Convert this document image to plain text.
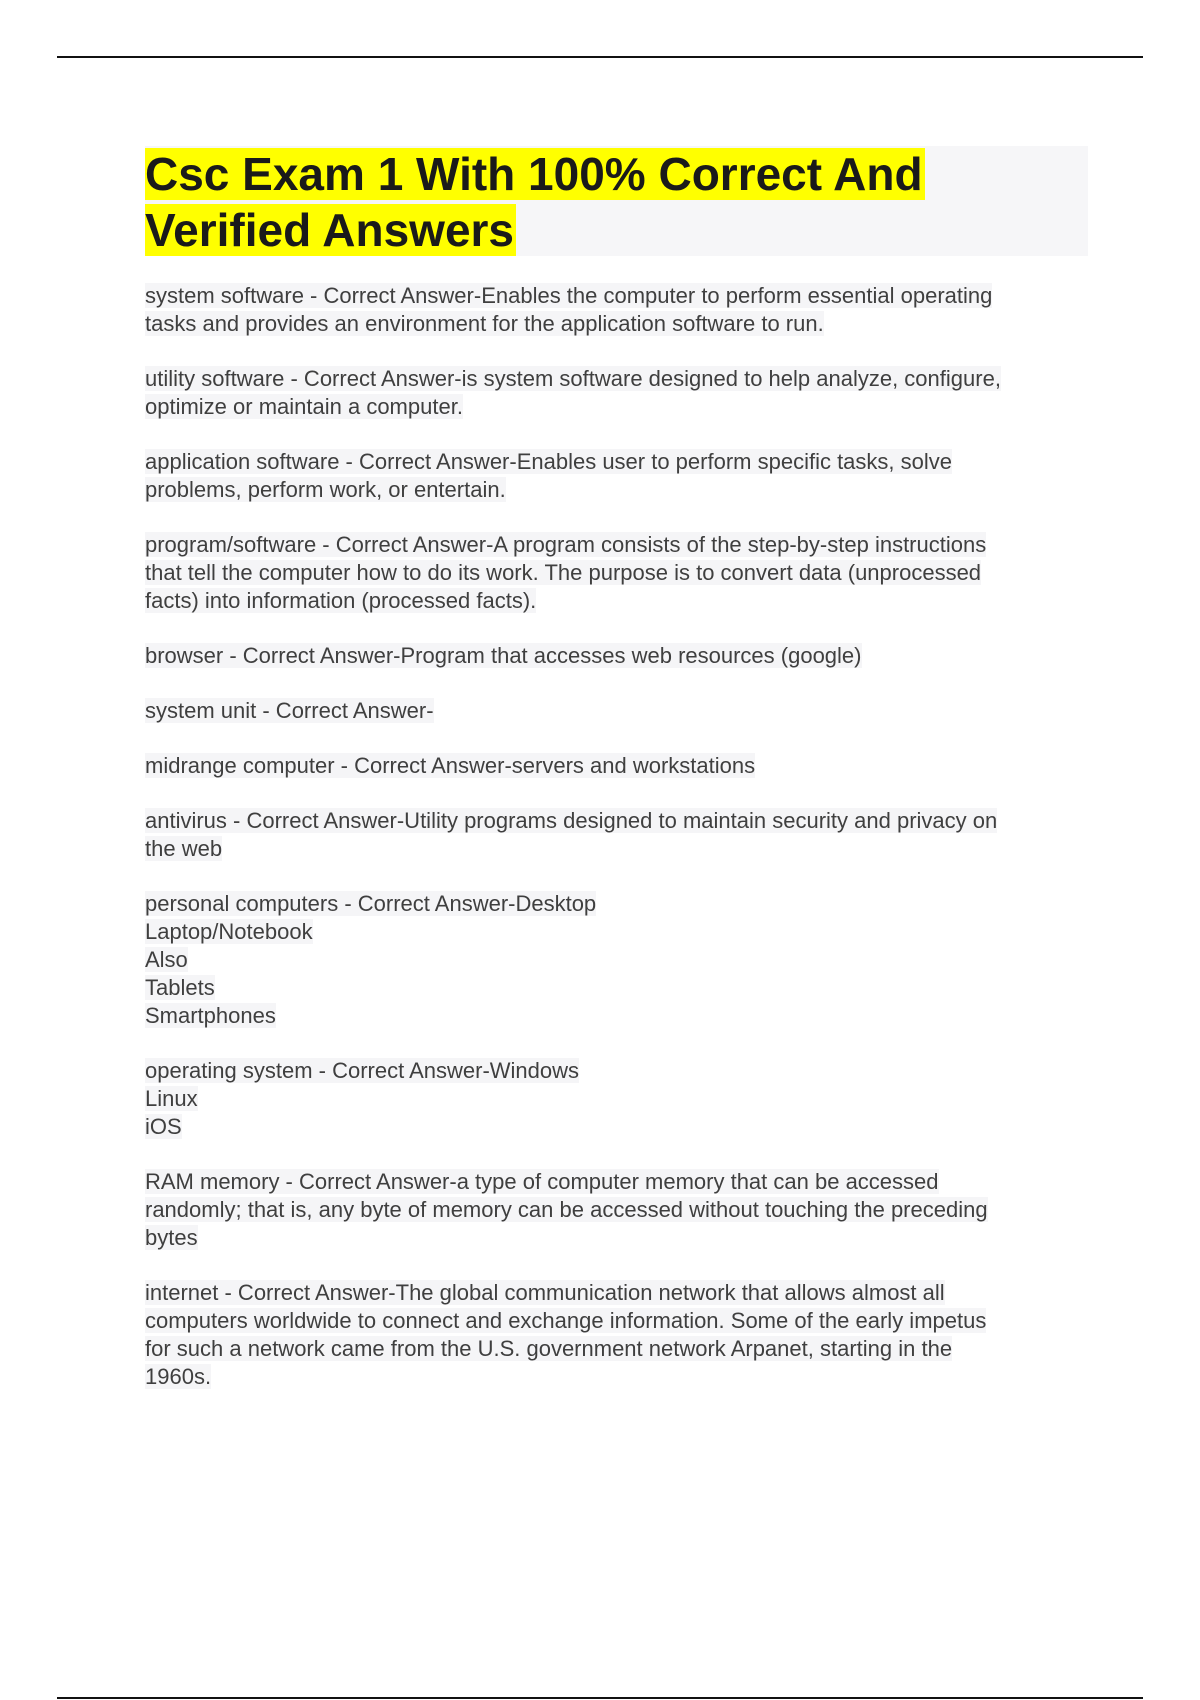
Csc Exam 1 With 100% Correct And
Verified Answers

system software - Correct Answer-Enables the computer to perform essential operating
tasks and provides an environment for the application software to run.

utility software - Correct Answer-is system software designed to help analyze, configure,
optimize or maintain a computer.

application software - Correct Answer-Enables user to perform specific tasks, solve
problems, perform work, or entertain.

program/software - Correct Answer-A program consists of the step-by-step instructions
that tell the computer how to do its work. The purpose is to convert data (unprocessed
facts) into information (processed facts).

browser - Correct Answer-Program that accesses web resources (google)

system unit - Correct Answer-

midrange computer - Correct Answer-servers and workstations

antivirus - Correct Answer-Utility programs designed to maintain security and privacy on
the web

personal computers - Correct Answer-Desktop
Laptop/Notebook
Also
Tablets
Smartphones

operating system - Correct Answer-Windows
Linux
iOS

RAM memory - Correct Answer-a type of computer memory that can be accessed
randomly; that is, any byte of memory can be accessed without touching the preceding
bytes

internet - Correct Answer-The global communication network that allows almost all
computers worldwide to connect and exchange information. Some of the early impetus
for such a network came from the U.S. government network Arpanet, starting in the
1960s.
